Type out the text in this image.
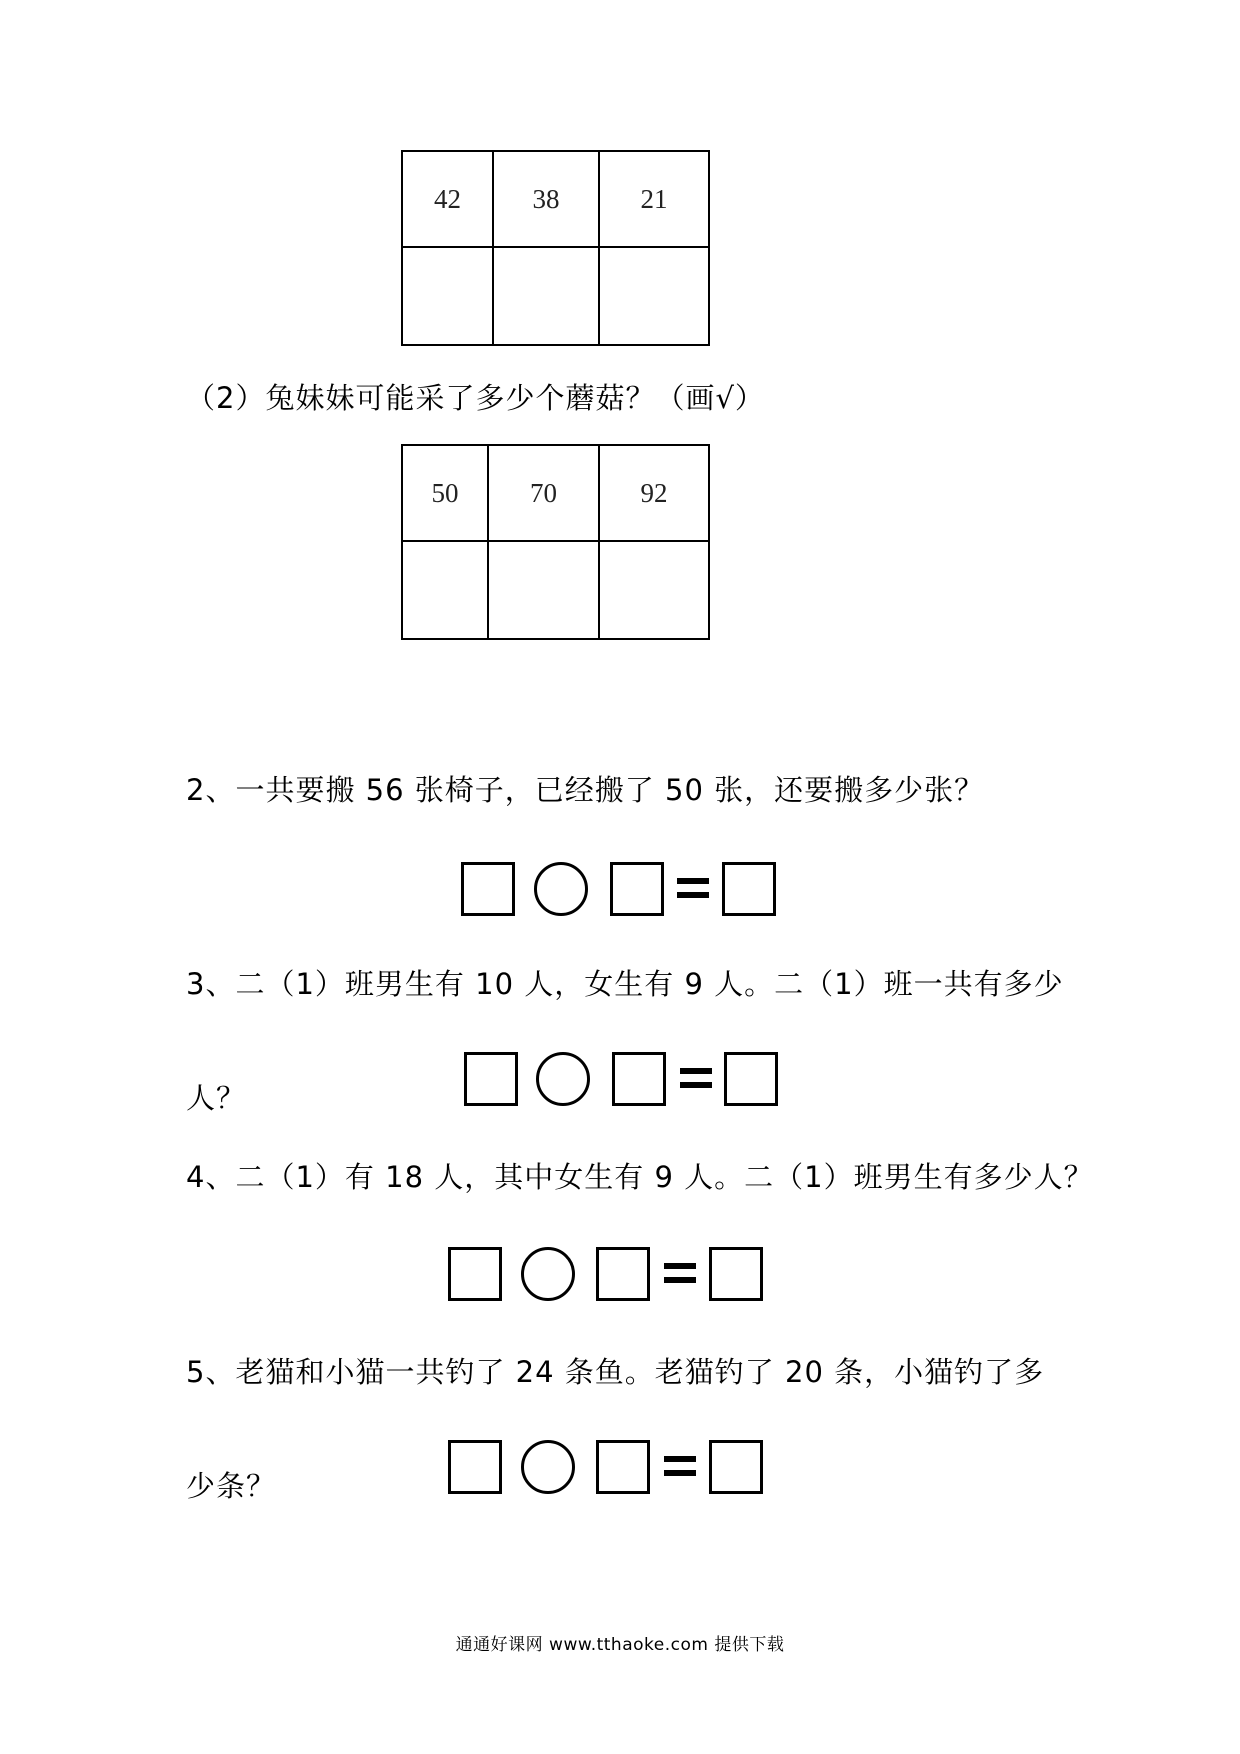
42	38	21

（2）兔妹妹可能采了多少个蘑菇？（画√）
50	70	92

2、一共要搬 56 张椅子，已经搬了 50 张，还要搬多少张？
3、二（1）班男生有 10 人，女生有 9 人。二（1）班一共有多少
人？
4、二（1）有 18 人，其中女生有 9 人。二（1）班男生有多少人？
5、老猫和小猫一共钓了 24 条鱼。老猫钓了 20 条，小猫钓了多
少条？
通通好课网 www.tthaoke.com 提供下载
